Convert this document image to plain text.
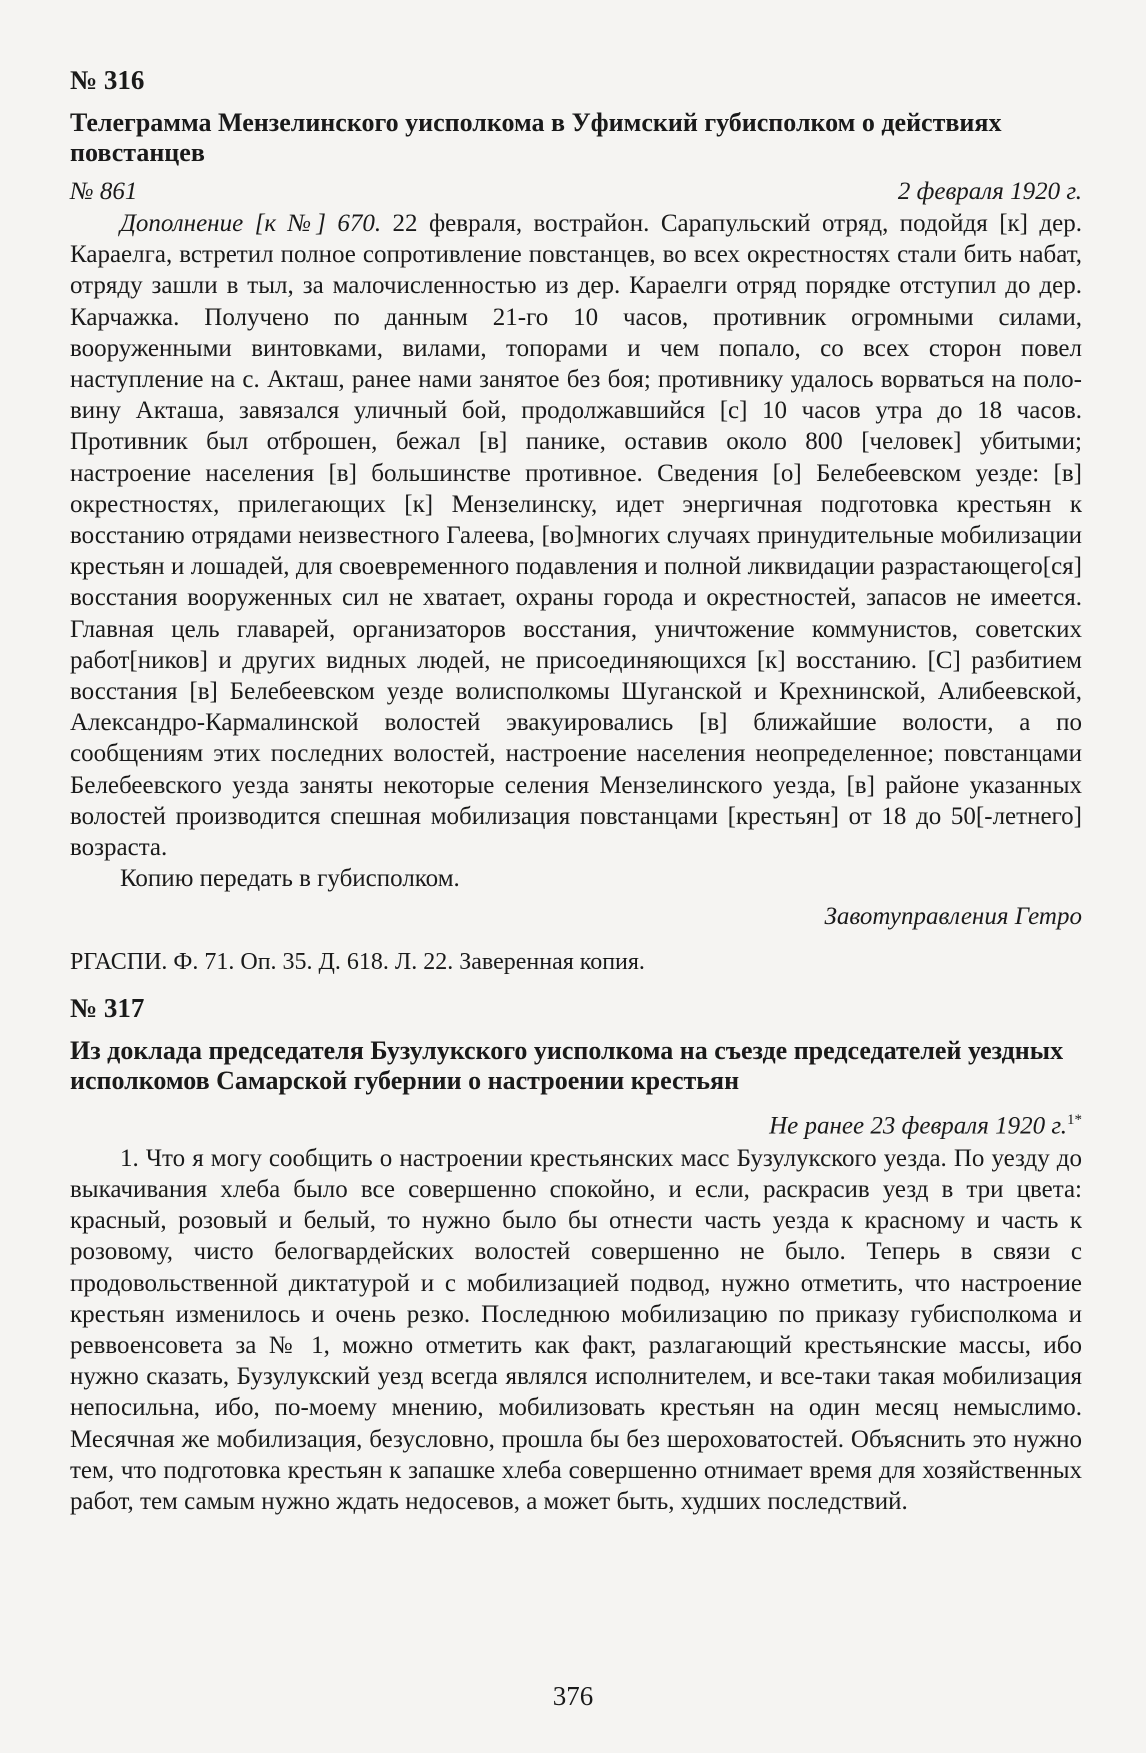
№ 316

Телеграмма Мензелинского уисполкома в Уфимский губисполком о действиях повстанцев

№ 861	2 февраля 1920 г.

Дополнение [к №] 670. 22 февраля, востpайон. Сарапульский отряд, подойдя [к] дер. Караелга, встретил полное сопротивление повстанцев, во всех окрестностях стали бить набат, отряду зашли в тыл, за малочисленностью из дер. Караелги отряд порядке отступил до дер. Карчажка. Получено по данным 21-го 10 часов, противник огромными силами, вооруженными винтовками, вилами, топорами и чем попало, со всех сторон повел наступление на с. Акташ, ранее нами занятое без боя; противнику удалось ворваться на половину Акташа, завязался уличный бой, продолжавшийся [с] 10 часов утра до 18 часов. Противник был отброшен, бежал [в] панике, оставив около 800 [человек] убитыми; настроение населения [в] большинстве противное. Сведения [о] Белебеевском уезде: [в] окрестностях, прилегающих [к] Мензелинску, идет энергичная подготовка крестьян к восстанию отрядами неизвестного Галеева, [во]многих случаях принудительные мобилизации крестьян и лошадей, для своевременного подавления и полной ликвидации разрастающего[ся] восстания вооруженных сил не хватает, охраны города и окрестностей, запасов не имеется. Главная цель главарей, организаторов восстания, уничтожение коммунистов, советских работ[ников] и других видных людей, не присоединяющихся [к] восстанию. [С] разбитием восстания [в] Белебеевском уезде волисполкомы Шуганской и Крехнинской, Алибеевской, Александро-Кармалинской волостей эвакуировались [в] ближайшие волости, а по сообщениям этих последних волостей, настроение населения неопределенное; повстанцами Белебеевского уезда заняты некоторые селения Мензелинского уезда, [в] районе указанных волостей производится спешная мобилизация повстанцами [крестьян] от 18 до 50[-летнего] возраста.

Копию передать в губисполком.

Завотуправления Гетро
РГАСПИ. Ф. 71. Оп. 35. Д. 618. Л. 22. Заверенная копия.

№ 317

Из доклада председателя Бузулукского уисполкома на съезде председателей уездных исполкомов Самарской губернии о настроении крестьян

Не ранее 23 февраля 1920 г.$^{1*}$

1. Что я могу сообщить о настроении крестьянских масс Бузулукского уезда. По уезду до выкачивания хлеба было все совершенно спокойно, и если, раскрасив уезд в три цвета: красный, розовый и белый, то нужно было бы отнести часть уезда к красному и часть к розовому, чисто белогвардейских волостей совершенно не было. Теперь в связи с продовольственной диктатурой и с мобилизацией подвод, нужно отметить, что настроение крестьян изменилось и очень резко. Последнюю мобилизацию по приказу губисполкома и реввоенсовета за № 1, можно отметить как факт, разлагающий крестьянские массы, ибо нужно сказать, Бузулукский уезд всегда являлся исполнителем, и все-таки такая мобилизация непосильна, ибо, по-моему мнению, мобилизовать крестьян на один месяц немыслимо. Месячная же мобилизация, безусловно, прошла бы без шероховатостей. Объяснить это нужно тем, что подготовка крестьян к запашке хлеба совершенно отнимает время для хозяйственных работ, тем самым нужно ждать недосевов, а может быть, худших последствий.

376
